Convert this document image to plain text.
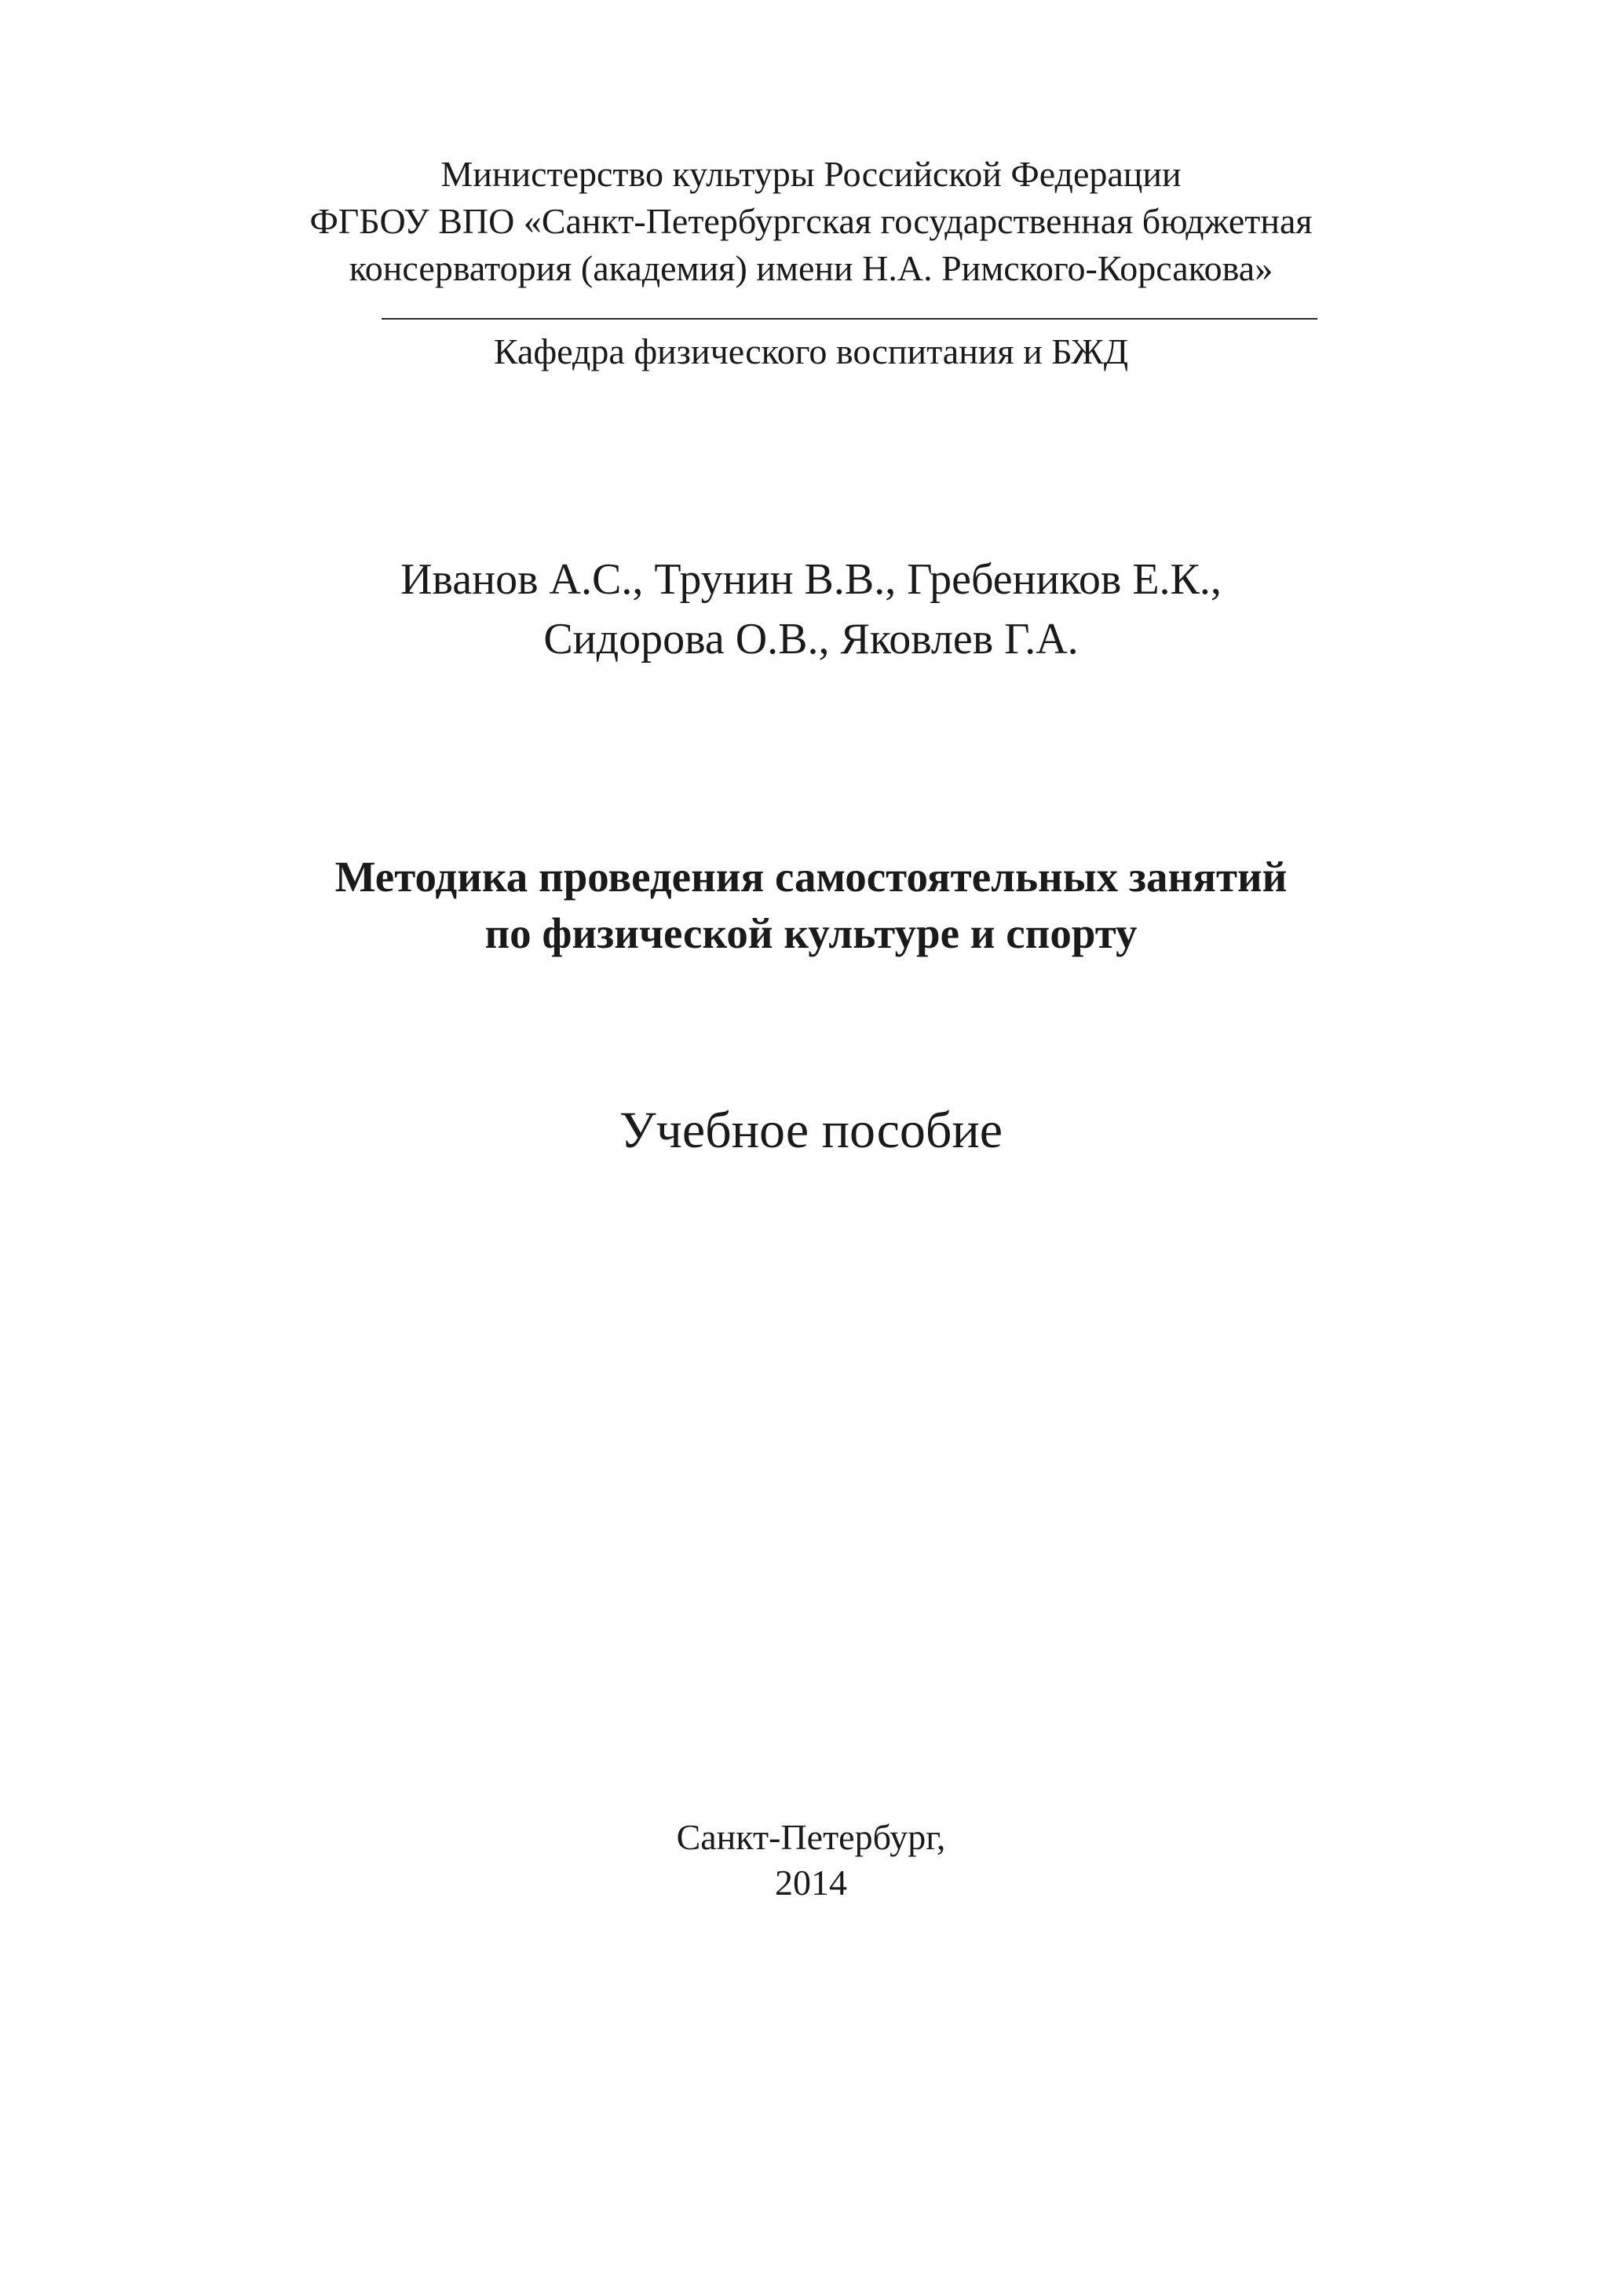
Министерство культуры Российской Федерации
ФГБОУ ВПО «Санкт-Петербургская государственная бюджетная
консерватория (академия) имени Н.А. Римского-Корсакова»
Кафедра физического воспитания и БЖД
Иванов А.С., Трунин В.В., Гребеников Е.К.,
Сидорова О.В., Яковлев Г.А.
Методика проведения самостоятельных занятий
по физической культуре и спорту
Учебное пособие
Санкт-Петербург,
2014
